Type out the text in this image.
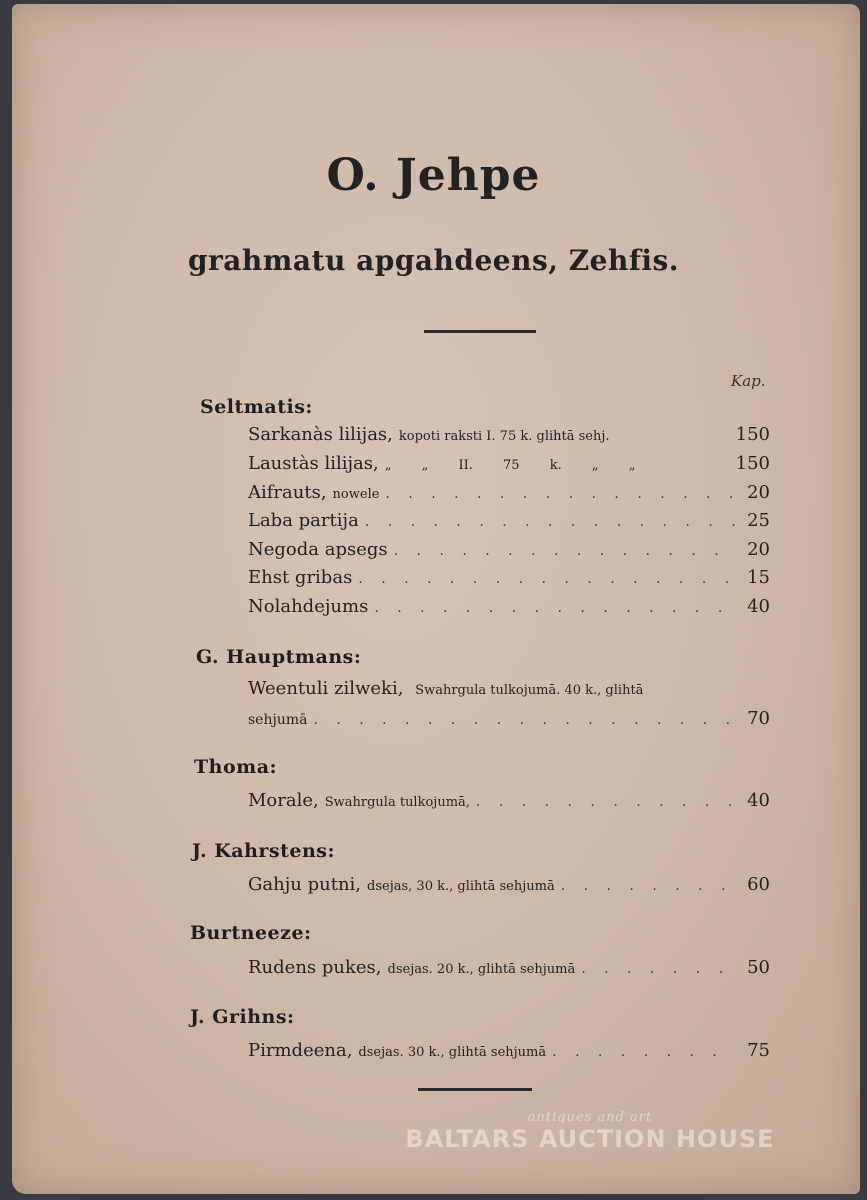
O. Jehpe
grahmatu apgahdeens, Zehfis.
Kap.
Seltmatis:
Sarkanàs lilijas, kopoti raksti I. 75 k. glihtā sehj.	150
Laustàs lilijas, „ „ II. 75 k. „ „	150
Aifrauts, nowele . . .	20
Laba partija . . .	25
Negoda apsegs . . .	20
Ehst gribas . . .	15
Nolahdejums . . .	40
G. Hauptmans:
Weentuli zilweki, Swahrgula tulkojumā. 40 k., glihtā
sehjumā . . .	70
Thoma:
Morale, Swahrgula tulkojumā, . . .	40
J. Kahrstens:
Gahju putni, dsejas, 30 k., glihtā sehjumā . . .	60
Burtneeze:
Rudens pukes, dsejas. 20 k., glihtā sehjumā . . .	50
J. Grihns:
Pirmdeena, dsejas. 30 k., glihtā sehjumā . . .	75
antiques and art
BALTARS AUCTION HOUSE
